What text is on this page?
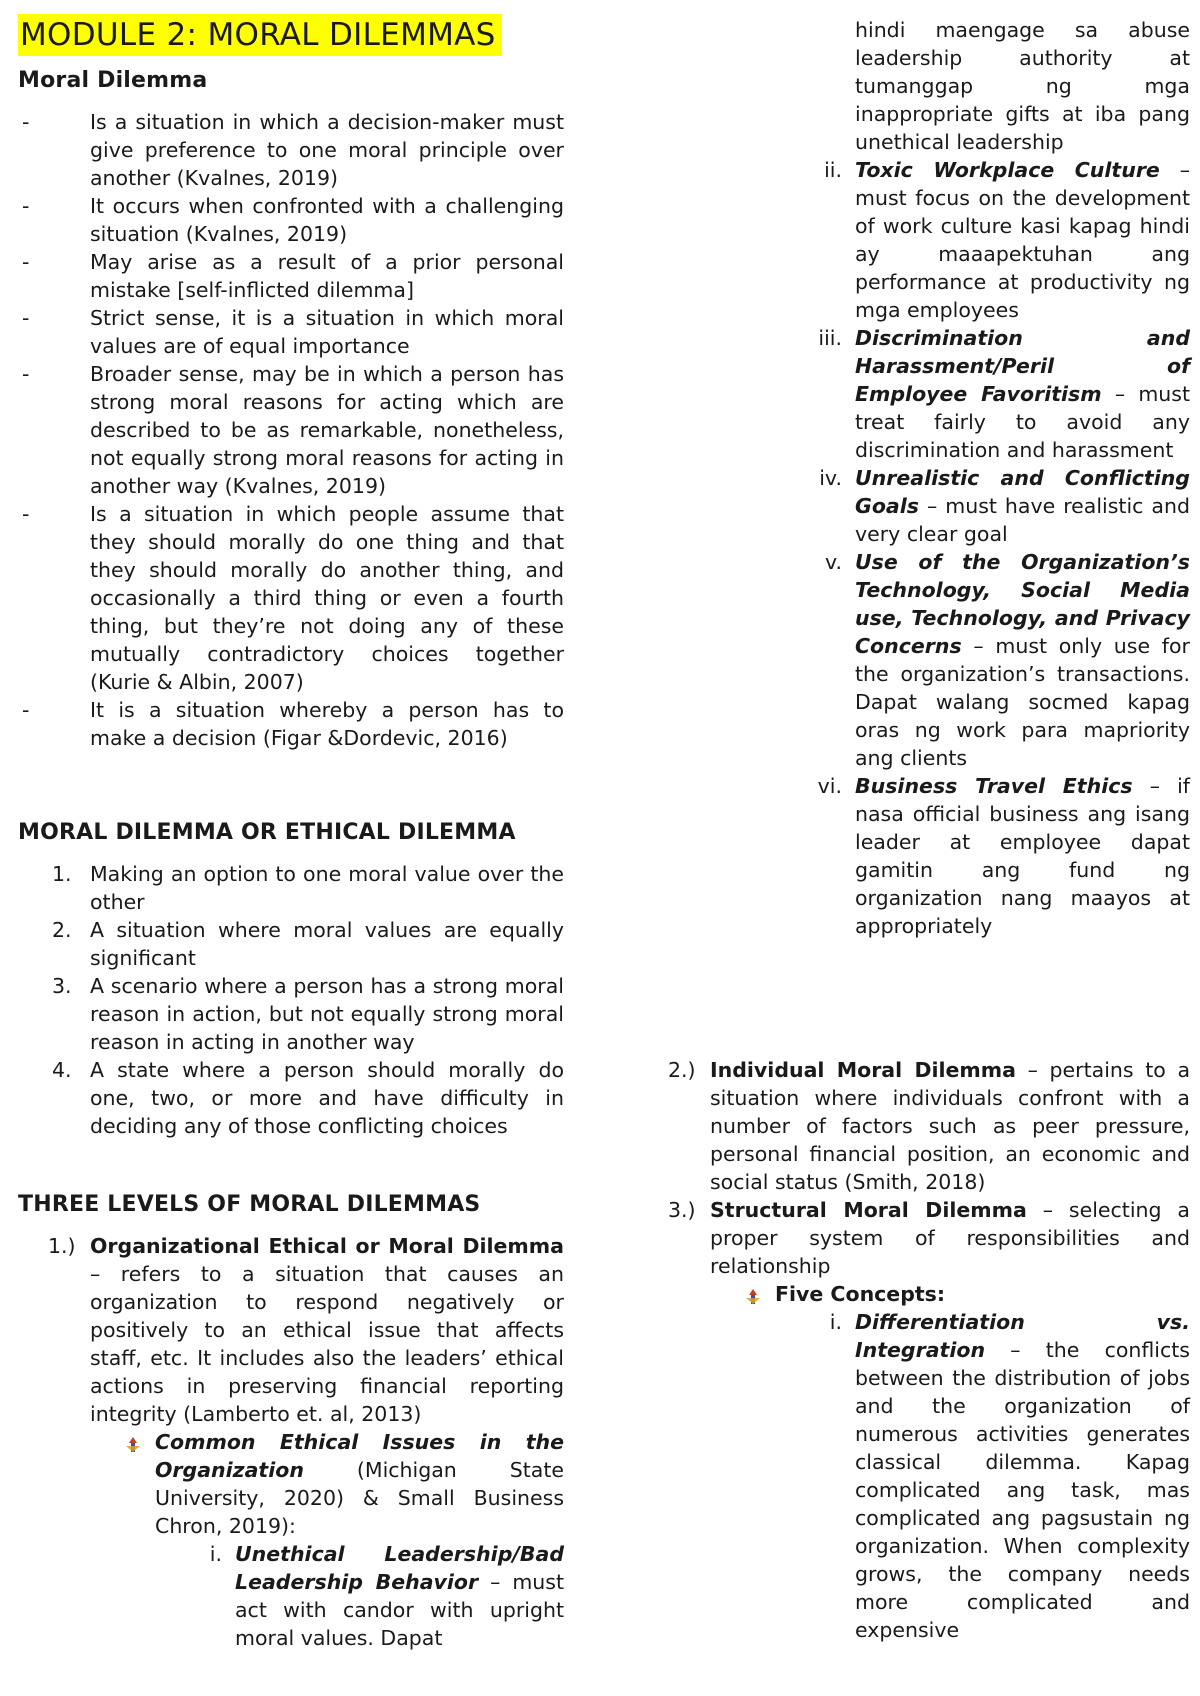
MODULE 2: MORAL DILEMMAS

Moral Dilemma

- Is a situation in which a decision-maker must give preference to one moral principle over another (Kvalnes, 2019)
- It occurs when confronted with a challenging situation (Kvalnes, 2019)
- May arise as a result of a prior personal mistake [self-inflicted dilemma]
- Strict sense, it is a situation in which moral values are of equal importance
- Broader sense, may be in which a person has strong moral reasons for acting which are described to be as remarkable, nonetheless, not equally strong moral reasons for acting in another way (Kvalnes, 2019)
- Is a situation in which people assume that they should morally do one thing and that they should morally do another thing, and occasionally a third thing or even a fourth thing, but they’re not doing any of these mutually contradictory choices together (Kurie & Albin, 2007)
- It is a situation whereby a person has to make a decision (Figar &Dordevic, 2016)

MORAL DILEMMA OR ETHICAL DILEMMA

1. Making an option to one moral value over the other
2. A situation where moral values are equally significant
3. A scenario where a person has a strong moral reason in action, but not equally strong moral reason in acting in another way
4. A state where a person should morally do one, two, or more and have difficulty in deciding any of those conflicting choices

THREE LEVELS OF MORAL DILEMMAS

1.) Organizational Ethical or Moral Dilemma – refers to a situation that causes an organization to respond negatively or positively to an ethical issue that affects staff, etc. It includes also the leaders’ ethical actions in preserving financial reporting integrity (Lamberto et. al, 2013)
Common Ethical Issues in the Organization (Michigan State University, 2020) & Small Business Chron, 2019):
i. Unethical Leadership/Bad Leadership Behavior – must act with candor with upright moral values. Dapat
hindi maengage sa abuse leadership authority at tumanggap ng mga inappropriate gifts at iba pang unethical leadership
ii. Toxic Workplace Culture – must focus on the development of work culture kasi kapag hindi ay maaapektuhan ang performance at productivity ng mga employees
iii. Discrimination and Harassment/Peril of Employee Favoritism – must treat fairly to avoid any discrimination and harassment
iv. Unrealistic and Conflicting Goals – must have realistic and very clear goal
v. Use of the Organization’s Technology, Social Media use, Technology, and Privacy Concerns – must only use for the organization’s transactions. Dapat walang socmed kapag oras ng work para mapriority ang clients
vi. Business Travel Ethics – if nasa official business ang isang leader at employee dapat gamitin ang fund ng organization nang maayos at appropriately
2.) Individual Moral Dilemma – pertains to a situation where individuals confront with a number of factors such as peer pressure, personal financial position, an economic and social status (Smith, 2018)
3.) Structural Moral Dilemma – selecting a proper system of responsibilities and relationship
Five Concepts:
i. Differentiation vs. Integration – the conflicts between the distribution of jobs and the organization of numerous activities generates classical dilemma. Kapag complicated ang task, mas complicated ang pagsustain ng organization. When complexity grows, the company needs more complicated and expensive
